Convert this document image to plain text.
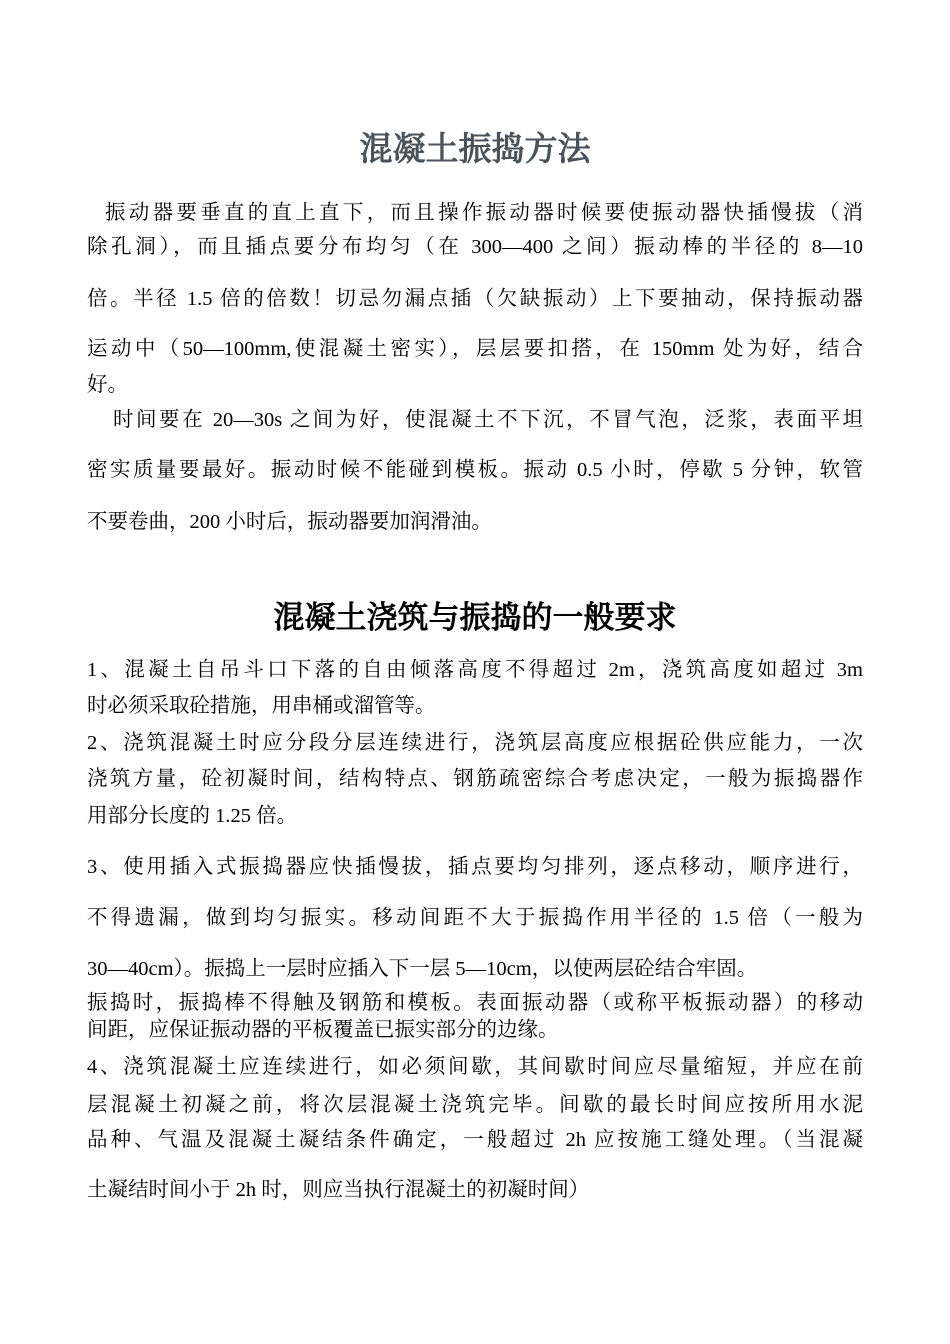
混凝土振捣方法
振动器要垂直的直上直下，而且操作振动器时候要使振动器快插慢拔（消
除孔洞），而且插点要分布均匀（在 300—400 之间）振动棒的半径的 8—10
倍。半径 1.5 倍的倍数！切忌勿漏点插（欠缺振动）上下要抽动，保持振动器
运动中（50—100mm,使混凝土密实），层层要扣搭，在 150mm 处为好，结合
好。
时间要在 20—30s 之间为好，使混凝土不下沉，不冒气泡，泛浆，表面平坦
密实质量要最好。振动时候不能碰到模板。振动 0.5 小时，停歇 5 分钟，软管
不要卷曲，200 小时后，振动器要加润滑油。
混凝土浇筑与振捣的一般要求
1、混凝土自吊斗口下落的自由倾落高度不得超过 2m，浇筑高度如超过 3m
时必须采取砼措施，用串桶或溜管等。
2、浇筑混凝土时应分段分层连续进行，浇筑层高度应根据砼供应能力，一次
浇筑方量，砼初凝时间，结构特点、钢筋疏密综合考虑决定，一般为振捣器作
用部分长度的 1.25 倍。
3、使用插入式振捣器应快插慢拔，插点要均匀排列，逐点移动，顺序进行，
不得遗漏，做到均匀振实。移动间距不大于振捣作用半径的 1.5 倍（一般为
30—40cm）。振捣上一层时应插入下一层 5—10cm，以使两层砼结合牢固。
振捣时，振捣棒不得触及钢筋和模板。表面振动器（或称平板振动器）的移动
间距，应保证振动器的平板覆盖已振实部分的边缘。
4、浇筑混凝土应连续进行，如必须间歇，其间歇时间应尽量缩短，并应在前
层混凝土初凝之前，将次层混凝土浇筑完毕。间歇的最长时间应按所用水泥
品种、气温及混凝土凝结条件确定，一般超过 2h 应按施工缝处理。（当混凝
土凝结时间小于 2h 时，则应当执行混凝土的初凝时间）
